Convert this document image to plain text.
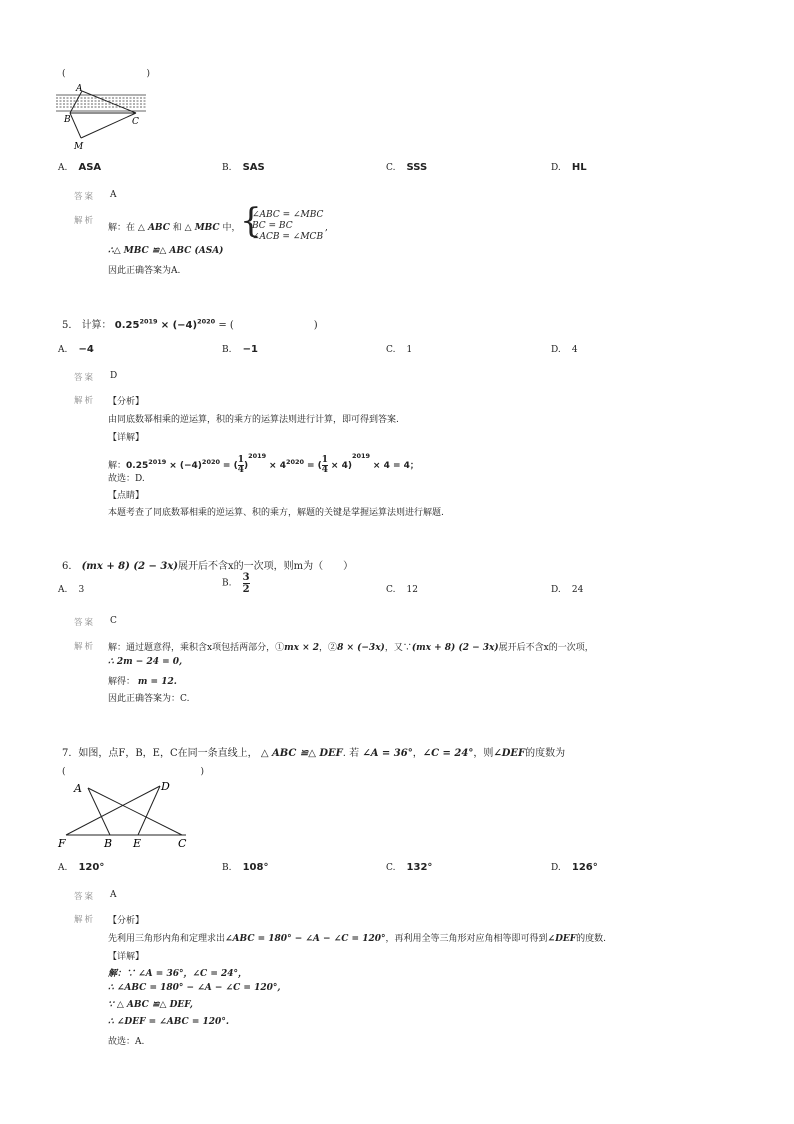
(　　　　　　　　　)
A
B	C
M
A. ASA	B. SAS	C. SSS	D. HL
答案 A
解析
解：在 △ ABC 和 △ MBC 中， {
∠ABC = ∠MBC
BC = BC
∠ACB = ∠MCB
,
∴△ MBC ≌△ ABC (ASA)
因此正确答案为A.
5． 计算： $0.25^{2019} \times (-4)^{2020}$ = (　　　　　　　　)
A. −4	B. −1	C. 1	D. 4
答案 D
解析 【分析】
由同底数幂相乘的逆运算，积的乘方的运算法则进行计算，即可得到答案.
【详解】
解：$0.25^{2019} \times (-4)^{2020}$ = ( $\frac{1}{4} )^{2019} \times 4^{2020}$ = ( $\frac{1}{4} \times 4)^{2019} \times 4 = 4$；
故选：D.
【点睛】
本题考查了同底数幂相乘的逆运算、积的乘方，解题的关键是掌握运算法则进行解题.
6． (mx + 8) (2 − 3x)展开后不含x的一次项，则m为（　　）
A. 3
B. $\frac{3}{2}$	C. 12	D. 24
答案 C
解析 解：通过题意得，乘积含x项包括两部分，①mx × 2，②8 × (−3x)，又∵(mx + 8) (2 − 3x)展开后不含x的一次项，
∴ 2m − 24 = 0,
解得： m = 12.
因此正确答案为：C.
7．如图，点F，B，E，C在同一条直线上， △ ABC ≌△ DEF. 若 ∠A = 36°，∠C = 24°，则∠DEF的度数为
(　　　　　　　　　　　　　　　)
A	D
F	B E	C
A. 120°	B. 108°	C. 132°	D. 126°
答案 A
解析 【分析】
先利用三角形内角和定理求出∠ABC = 180° − ∠A − ∠C = 120°，再利用全等三角形对应角相等即可得到∠DEF的度数.
【详解】
解：∵ ∠A = 36°，∠C = 24°，
∴ ∠ABC = 180° − ∠A − ∠C = 120°,
∵ △ ABC ≌△ DEF,
∴ ∠DEF = ∠ABC = 120°.
故选：A.
